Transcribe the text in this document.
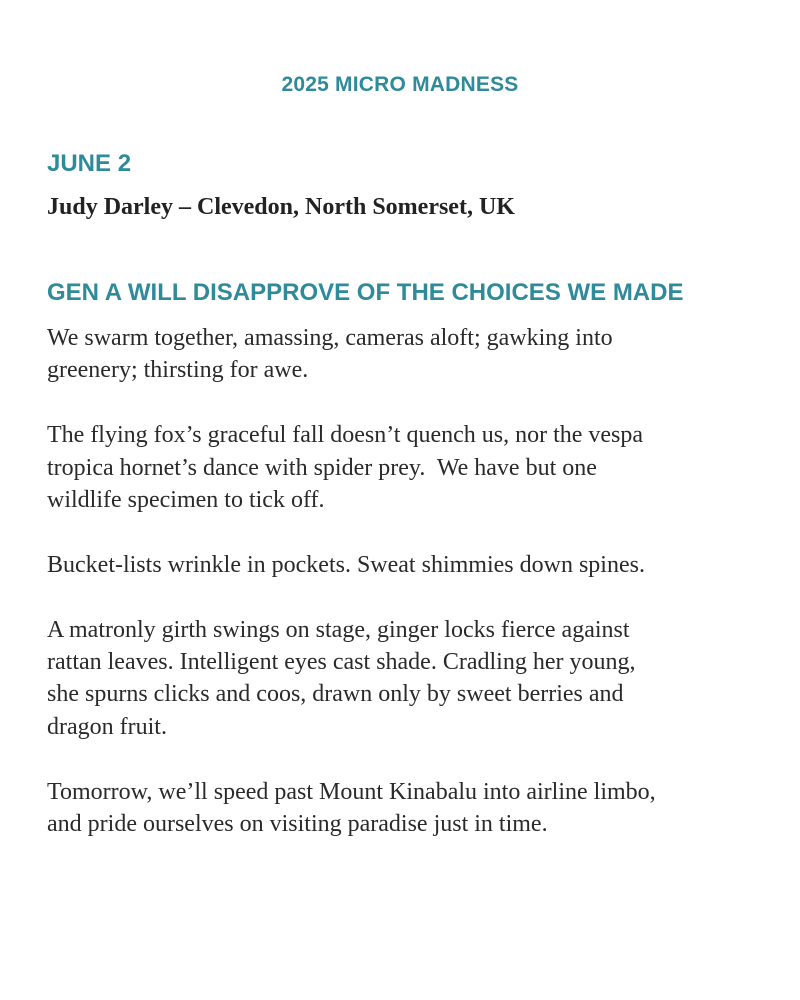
2025 MICRO MADNESS
JUNE 2
Judy Darley – Clevedon, North Somerset, UK
GEN A WILL DISAPPROVE OF THE CHOICES WE MADE

We swarm together, amassing, cameras aloft; gawking into
greenery; thirsting for awe.

The flying fox’s graceful fall doesn’t quench us, nor the vespa
tropica hornet’s dance with spider prey.  We have but one
wildlife specimen to tick off.

Bucket-lists wrinkle in pockets. Sweat shimmies down spines.

A matronly girth swings on stage, ginger locks fierce against
rattan leaves. Intelligent eyes cast shade. Cradling her young,
she spurns clicks and coos, drawn only by sweet berries and
dragon fruit.

Tomorrow, we’ll speed past Mount Kinabalu into airline limbo,
and pride ourselves on visiting paradise just in time.
